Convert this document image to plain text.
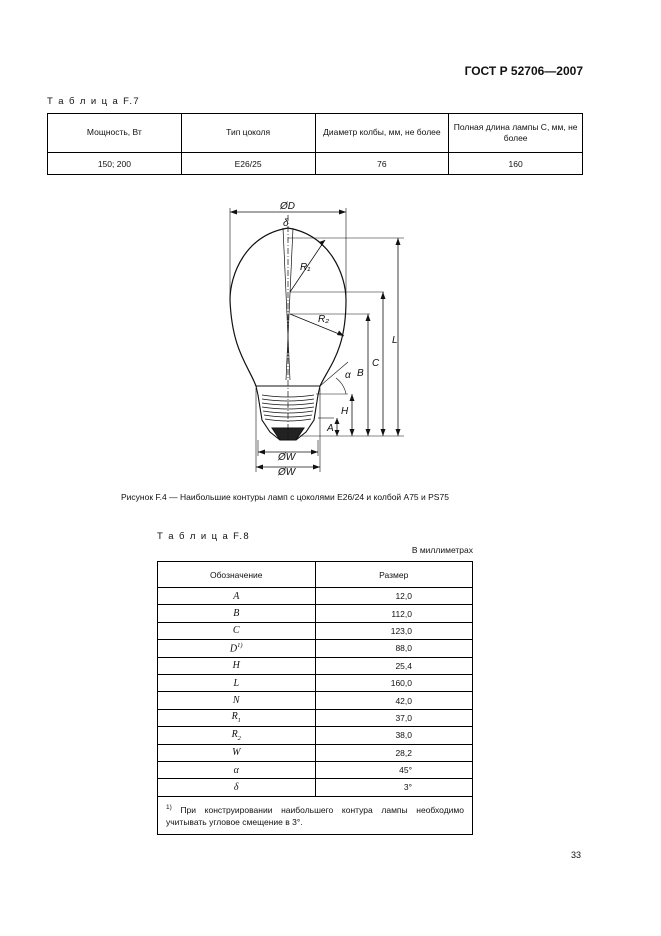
ГОСТ Р 52706—2007
Т а б л и ц а F.7
Мощность, Вт	Тип цоколя	Диаметр колбы, мм, не более	Полная длина лампы C, мм, не более
150; 200	E26/25	76	160
ØD
δ
R₁
R₂
α
L
C
B
H
A
ØW
ØW
Рисунок F.4 — Наибольшие контуры ламп с цоколями E26/24 и колбой A75 и PS75
Т а б л и ц а F.8
В миллиметрах
Обозначение	Размер
A	12,0
B	112,0
C	123,0
$D^{1)}$	88,0
H	25,4
L	160,0
N	42,0
$R_1$	37,0
$R_2$	38,0
W	28,2
α	45°
δ	3°
$^{1)}$ При конструировании наибольшего контура лампы необходимо учитывать угловое смещение в 3°.	
33
